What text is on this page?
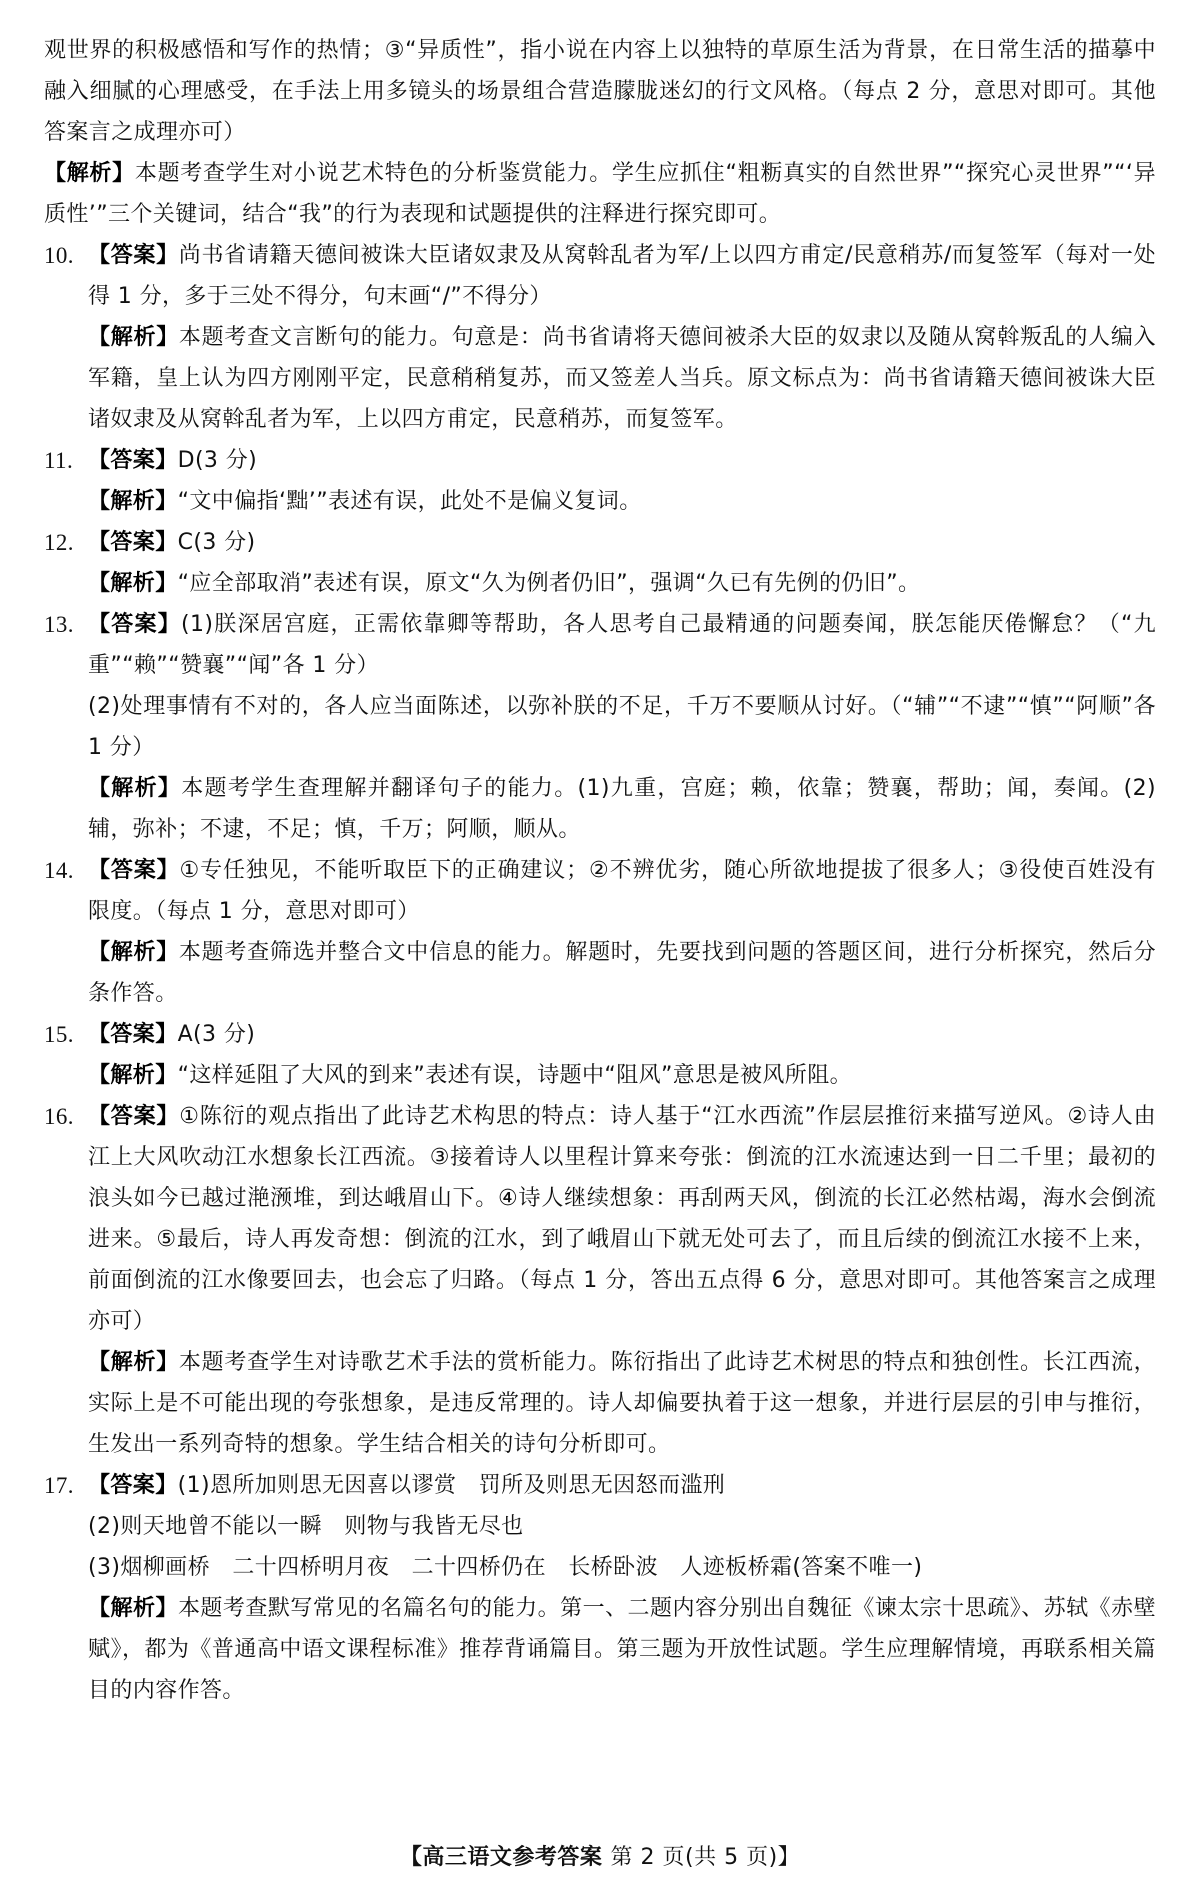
观世界的积极感悟和写作的热情；③“异质性”，指小说在内容上以独特的草原生活为背景，在日常生活的描摹中融入细腻的心理感受，在手法上用多镜头的场景组合营造朦胧迷幻的行文风格。（每点 2 分，意思对即可。其他答案言之成理亦可）

【解析】本题考查学生对小说艺术特色的分析鉴赏能力。学生应抓住“粗粝真实的自然世界”“探究心灵世界”“‘异质性’”三个关键词，结合“我”的行为表现和试题提供的注释进行探究即可。

10. 【答案】尚书省请籍天德间被诛大臣诸奴隶及从窝斡乱者为军/上以四方甫定/民意稍苏/而复签军（每对一处得 1 分，多于三处不得分，句末画“/”不得分）

【解析】本题考查文言断句的能力。句意是：尚书省请将天德间被杀大臣的奴隶以及随从窝斡叛乱的人编入军籍，皇上认为四方刚刚平定，民意稍稍复苏，而又签差人当兵。原文标点为：尚书省请籍天德间被诛大臣诸奴隶及从窝斡乱者为军，上以四方甫定，民意稍苏，而复签军。

11. 【答案】D(3 分)

【解析】“文中偏指‘黜’”表述有误，此处不是偏义复词。

12. 【答案】C(3 分)

【解析】“应全部取消”表述有误，原文“久为例者仍旧”，强调“久已有先例的仍旧”。

13. 【答案】(1)朕深居宫庭，正需依靠卿等帮助，各人思考自己最精通的问题奏闻，朕怎能厌倦懈怠？（“九重”“赖”“赞襄”“闻”各 1 分）

(2)处理事情有不对的，各人应当面陈述，以弥补朕的不足，千万不要顺从讨好。（“辅”“不逮”“慎”“阿顺”各 1 分）

【解析】本题考学生查理解并翻译句子的能力。(1)九重，宫庭；赖，依靠；赞襄，帮助；闻，奏闻。(2)辅，弥补；不逮，不足；慎，千万；阿顺，顺从。

14. 【答案】①专任独见，不能听取臣下的正确建议；②不辨优劣，随心所欲地提拔了很多人；③役使百姓没有限度。（每点 1 分，意思对即可）

【解析】本题考查筛选并整合文中信息的能力。解题时，先要找到问题的答题区间，进行分析探究，然后分条作答。

15. 【答案】A(3 分)

【解析】“这样延阻了大风的到来”表述有误，诗题中“阻风”意思是被风所阻。

16. 【答案】①陈衍的观点指出了此诗艺术构思的特点：诗人基于“江水西流”作层层推衍来描写逆风。②诗人由江上大风吹动江水想象长江西流。③接着诗人以里程计算来夸张：倒流的江水流速达到一日二千里；最初的浪头如今已越过滟滪堆，到达峨眉山下。④诗人继续想象：再刮两天风，倒流的长江必然枯竭，海水会倒流进来。⑤最后，诗人再发奇想：倒流的江水，到了峨眉山下就无处可去了，而且后续的倒流江水接不上来，前面倒流的江水像要回去，也会忘了归路。（每点 1 分，答出五点得 6 分，意思对即可。其他答案言之成理亦可）

【解析】本题考查学生对诗歌艺术手法的赏析能力。陈衍指出了此诗艺术树思的特点和独创性。长江西流，实际上是不可能出现的夸张想象，是违反常理的。诗人却偏要执着于这一想象，并进行层层的引申与推衍，生发出一系列奇特的想象。学生结合相关的诗句分析即可。

17. 【答案】(1)恩所加则思无因喜以谬赏　罚所及则思无因怒而滥刑

(2)则天地曾不能以一瞬　则物与我皆无尽也

(3)烟柳画桥　二十四桥明月夜　二十四桥仍在　长桥卧波　人迹板桥霜(答案不唯一)

【解析】本题考查默写常见的名篇名句的能力。第一、二题内容分别出自魏征《谏太宗十思疏》、苏轼《赤壁赋》，都为《普通高中语文课程标准》推荐背诵篇目。第三题为开放性试题。学生应理解情境，再联系相关篇目的内容作答。

【高三语文参考答案 第 2 页(共 5 页)】
